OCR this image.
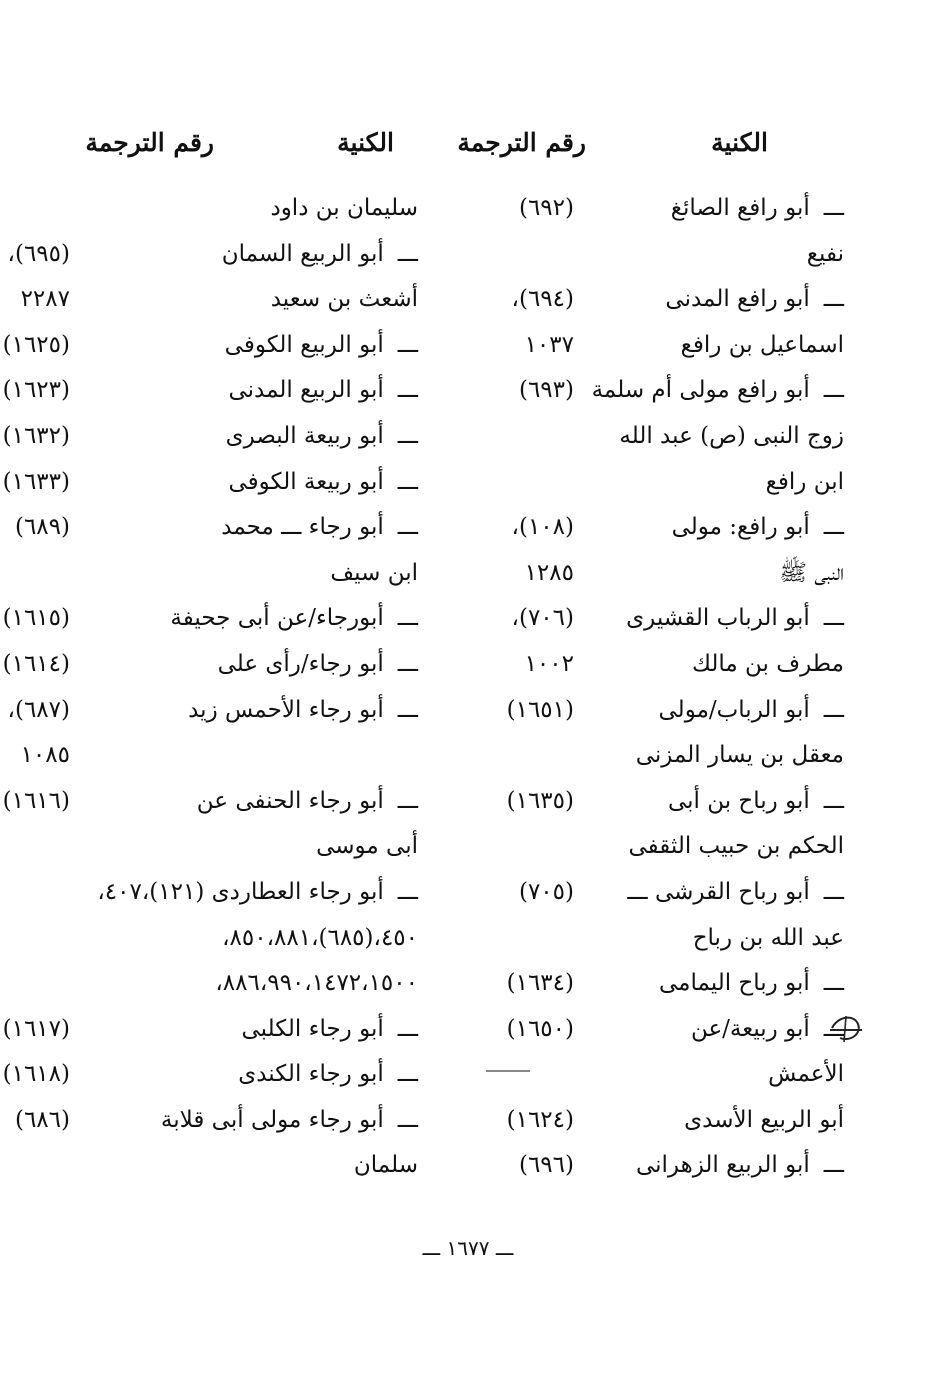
الكنية
رقم الترجمة
الكنية
رقم الترجمة
ـــأبو رافع الصائغ
(٦٩٢)
نفيع
ـــأبو رافع المدنى
(٦٩٤)،
اسماعيل بن رافع
١٠٣٧
ـــأبو رافع مولى أم سلمة
(٦٩٣)
زوج النبى (ص) عبد الله
ابن رافع
ـــأبو رافع: مولى
(١٠٨)،
النبى ﷺ
١٢٨٥
ـــأبو الرباب القشيرى
(٧٠٦)،
مطرف بن مالك
١٠٠٢
ـــأبو الرباب/مولى
(١٦٥١)
معقل بن يسار المزنى
ـــأبو رباح بن أبى
(١٦٣٥)
الحكم بن حبيب الثقفى
ـــأبو رباح القرشى ـــ
(٧٠٥)
عبد الله بن رباح
ـــأبو رباح اليمامى
(١٦٣٤)
ـــأبو ربيعة/عن
(١٦٥٠)
الأعمش
أبو الربيع الأسدى
(١٦٢٤)
ـــأبو الربيع الزهرانى
(٦٩٦)
سليمان بن داود
ـــأبو الربيع السمان
(٦٩٥)،
أشعث بن سعيد
٢٢٨٧
ـــأبو الربيع الكوفى
(١٦٢٥)
ـــأبو الربيع المدنى
(١٦٢٣)
ـــأبو ربيعة البصرى
(١٦٣٢)
ـــأبو ربيعة الكوفى
(١٦٣٣)
ـــأبو رجاء ـــ محمد
(٦٨٩)
ابن سيف
ـــأبورجاء/عن أبى جحيفة
(١٦١٥)
ـــأبو رجاء/رأى على
(١٦١٤)
ـــأبو رجاء الأحمس زيد
(٦٨٧)،
١٠٨٥
ـــأبو رجاء الحنفى عن
(١٦١٦)
أبى موسى
ـــأبو رجاء العطاردى (١٢١)،٤٠٧،
٤٥٠،(٦٨٥)،٨٥٠،٨٨١،
٨٨٦،٩٩٠،١٤٧٢،١٥٠٠،
ـــأبو رجاء الكلبى
(١٦١٧)
ـــأبو رجاء الكندى
(١٦١٨)
ـــأبو رجاء مولى أبى قلابة
(٦٨٦)
سلمان
ـــ ١٦٧٧ ـــ
